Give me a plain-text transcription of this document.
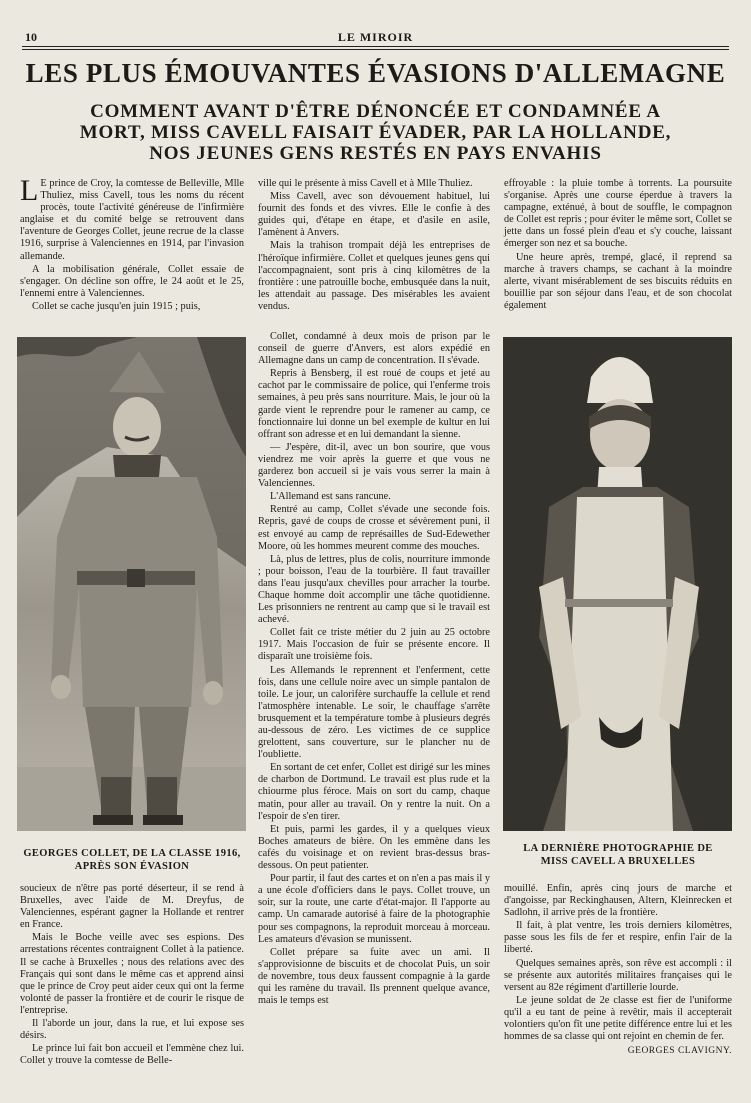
10	LE MIROIR
LES PLUS ÉMOUVANTES ÉVASIONS D'ALLEMAGNE
COMMENT AVANT D'ÊTRE DÉNONCÉE ET CONDAMNÉE A MORT, MISS CAVELL FAISAIT ÉVADER, PAR LA HOLLANDE, NOS JEUNES GENS RESTÉS EN PAYS ENVAHIS

L E prince de Croy, la comtesse de Belleville, Mlle Thuliez, miss Cavell, tous les noms du récent procès, toute l'activité généreuse de l'infirmière anglaise et du comité belge se retrouvent dans l'aventure de Georges Collet, jeune recrue de la classe 1916, surprise à Valenciennes en 1914, par l'invasion allemande.

A la mobilisation générale, Collet essaie de s'engager. On décline son offre, le 24 août et le 25, l'ennemi entre à Valenciennes.

Collet se cache jusqu'en juin 1915 ; puis,

ville qui le présente à miss Cavell et à Mlle Thuliez.

Miss Cavell, avec son dévouement habituel, lui fournit des fonds et des vivres. Elle le confie à des guides qui, d'étape en étape, et d'asile en asile, l'amènent à Anvers.

Mais la trahison trompait déjà les entreprises de l'héroïque infirmière. Collet et quelques jeunes gens qui l'accompagnaient, sont pris à cinq kilomètres de la frontière : une patrouille boche, embusquée dans la nuit, les attendait au passage. Des misérables les avaient vendus.

effroyable : la pluie tombe à torrents. La poursuite s'organise. Après une course éperdue à travers la campagne, exténué, à bout de souffle, le compagnon de Collet est repris ; pour éviter le même sort, Collet se jette dans un fossé plein d'eau et s'y couche, laissant émerger son nez et sa bouche.

Une heure après, trempé, glacé, il reprend sa marche à travers champs, se cachant à la moindre alerte, vivant misérablement de ses biscuits réduits en bouillie par son séjour dans l'eau, et de son chocolat également

Collet, condamné à deux mois de prison par le conseil de guerre d'Anvers, est alors expédié en Allemagne dans un camp de concentration. Il s'évade.

Repris à Bensberg, il est roué de coups et jeté au cachot par le commissaire de police, qui l'enferme trois semaines, à peu près sans nourriture. Mais, le jour où la garde vient le reprendre pour le ramener au camp, ce fonctionnaire lui donne un bel exemple de kultur en lui offrant son adresse et en lui demandant la sienne.

— J'espère, dit-il, avec un bon sourire, que vous viendrez me voir après la guerre et que vous ne garderez bon accueil si je vais vous serrer la main à Valenciennes.

L'Allemand est sans rancune.

Rentré au camp, Collet s'évade une seconde fois. Repris, gavé de coups de crosse et sévèrement puni, il est envoyé au camp de représailles de Sud-Edewether Moore, où les hommes meurent comme des mouches.

Là, plus de lettres, plus de colis, nourriture immonde ; pour boisson, l'eau de la tourbière. Il faut travailler dans l'eau jusqu'aux chevilles pour arracher la tourbe. Chaque homme doit accomplir une tâche quotidienne. Les prisonniers ne rentrent au camp que si le travail est achevé.

Collet fait ce triste métier du 2 juin au 25 octobre 1917. Mais l'occasion de fuir se présente encore. Il disparaît une troisième fois.

Les Allemands le reprennent et l'enferment, cette fois, dans une cellule noire avec un simple pantalon de toile. Le jour, un calorifère surchauffe la cellule et rend l'atmosphère intenable. Le soir, le chauffage s'arrête brusquement et la température tombe à plusieurs degrés au-dessous de zéro. Les victimes de ce supplice grelottent, sans couverture, sur le plancher nu de l'oubliette.

En sortant de cet enfer, Collet est dirigé sur les mines de charbon de Dortmund. Le travail est plus rude et la chiourme plus féroce. Mais on sort du camp, chaque matin, pour aller au travail. On y rentre la nuit. On a l'espoir de s'en tirer.

Et puis, parmi les gardes, il y a quelques vieux Boches amateurs de bière. On les emmène dans les cafés du voisinage et on revient bras-dessus bras-dessous. On peut patienter.

Pour partir, il faut des cartes et on n'en a pas mais il y a une école d'officiers dans le pays. Collet trouve, un soir, sur la route, une carte d'état-major. Il l'apporte au camp. Un camarade autorisé à faire de la photographie pour ses compagnons, la reproduit morceau à morceau. Les amateurs d'évasion se munissent.

Collet prépare sa fuite avec un ami. Il s'approvisionne de biscuits et de chocolat Puis, un soir de novembre, tous deux faussent compagnie à la garde qui les ramène du travail. Ils prennent quelque avance, mais le temps est

GEORGES COLLET, DE LA CLASSE 1916,
APRÈS SON ÉVASION
LA DERNIÈRE PHOTOGRAPHIE DE
MISS CAVELL A BRUXELLES

soucieux de n'être pas porté déserteur, il se rend à Bruxelles, avec l'aide de M. Dreyfus, de Valenciennes, espérant gagner la Hollande et rentrer en France.

Mais le Boche veille avec ses espions. Des arrestations récentes contraignent Collet à la patience. Il se cache à Bruxelles ; nous des relations avec des Français qui sont dans le même cas et apprend ainsi que le prince de Croy peut aider ceux qui ont la ferme volonté de passer la frontière et de courir le risque de l'entreprise.

Il l'aborde un jour, dans la rue, et lui expose ses désirs.

Le prince lui fait bon accueil et l'emmène chez lui. Collet y trouve la comtesse de Belle-

mouillé. Enfin, après cinq jours de marche et d'angoisse, par Reckinghausen, Altern, Kleinrecken et Sadlohn, il arrive près de la frontière.

Il fait, à plat ventre, les trois derniers kilomètres, passe sous les fils de fer et respire, enfin l'air de la liberté.

Quelques semaines après, son rêve est accompli : il se présente aux autorités militaires françaises qui le versent au 82e régiment d'artillerie lourde.

Le jeune soldat de 2e classe est fier de l'uniforme qu'il a eu tant de peine à revêtir, mais il accepterait volontiers qu'on fît une petite différence entre lui et les hommes de sa classe qui ont rejoint en chemin de fer.

GEORGES CLAVIGNY.
